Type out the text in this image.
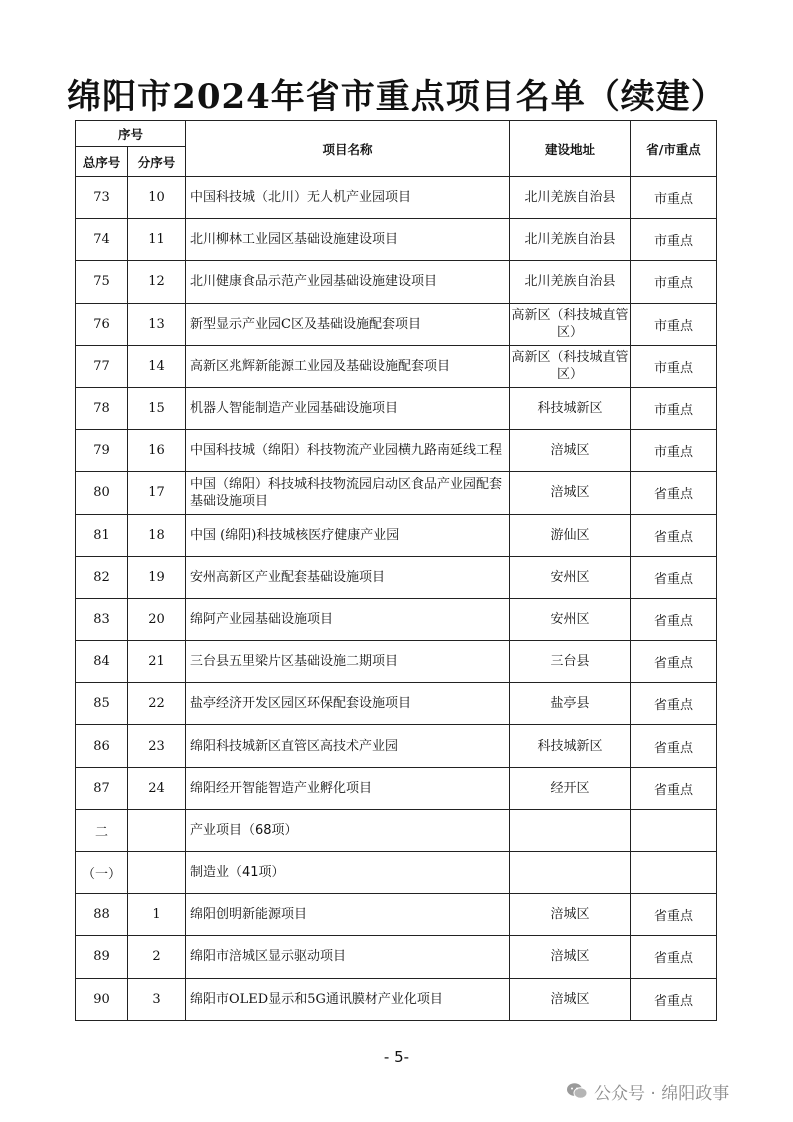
绵阳市2024年省市重点项目名单（续建）
序号		项目名称	建设地址	省/市重点
总序号	分序号			
73	10	中国科技城（北川）无人机产业园项目	北川羌族自治县	市重点
74	11	北川柳林工业园区基础设施建设项目	北川羌族自治县	市重点
75	12	北川健康食品示范产业园基础设施建设项目	北川羌族自治县	市重点
76	13	新型显示产业园C区及基础设施配套项目	高新区（科技城直管区）	市重点
77	14	高新区兆辉新能源工业园及基础设施配套项目	高新区（科技城直管区）	市重点
78	15	机器人智能制造产业园基础设施项目	科技城新区	市重点
79	16	中国科技城（绵阳）科技物流产业园横九路南延线工程	涪城区	市重点
80	17	中国（绵阳）科技城科技物流园启动区食品产业园配套基础设施项目	涪城区	省重点
81	18	中国 (绵阳)科技城核医疗健康产业园	游仙区	省重点
82	19	安州高新区产业配套基础设施项目	安州区	省重点
83	20	绵阿产业园基础设施项目	安州区	省重点
84	21	三台县五里梁片区基础设施二期项目	三台县	省重点
85	22	盐亭经济开发区园区环保配套设施项目	盐亭县	省重点
86	23	绵阳科技城新区直管区高技术产业园	科技城新区	省重点
87	24	绵阳经开智能智造产业孵化项目	经开区	省重点
二		产业项目（68项）		
（一）		制造业（41项）		
88	1	绵阳创明新能源项目	涪城区	省重点
89	2	绵阳市涪城区显示驱动项目	涪城区	省重点
90	3	绵阳市OLED显示和5G通讯膜材产业化项目	涪城区	省重点
- 5-
公众号 · 绵阳政事
